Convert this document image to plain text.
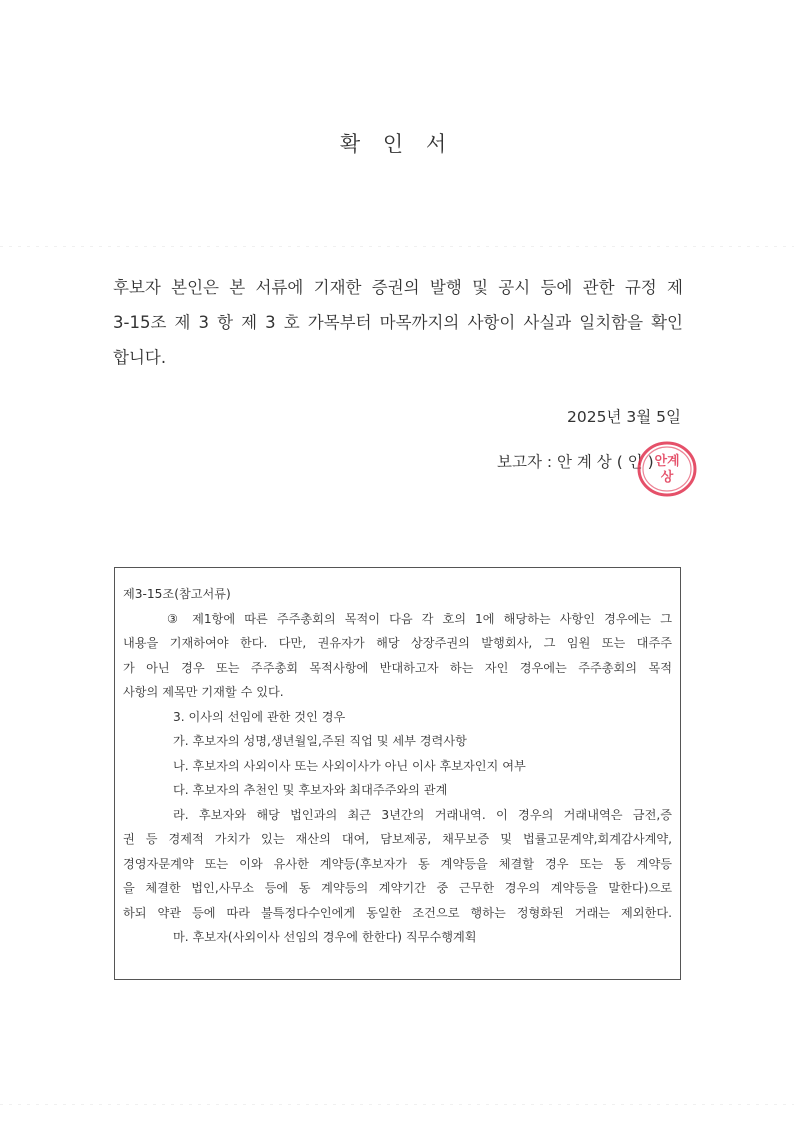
확 인 서
후보자 본인은 본 서류에 기재한 증권의 발행 및 공시 등에 관한 규정 제
3-15조 제 3 항 제 3 호 가목부터 마목까지의 사항이 사실과 일치함을 확인
합니다.
2025년 3월 5일
보고자 : 안 계 상 ( 인 ) 안계
상
제3-15조(참고서류)
③ 제1항에 따른 주주총회의 목적이 다음 각 호의 1에 해당하는 사항인 경우에는 그
내용을 기재하여야 한다. 다만, 권유자가 해당 상장주권의 발행회사, 그 임원 또는 대주주
가 아닌 경우 또는 주주총회 목적사항에 반대하고자 하는 자인 경우에는 주주총회의 목적
사항의 제목만 기재할 수 있다.
3. 이사의 선임에 관한 것인 경우
가. 후보자의 성명,생년월일,주된 직업 및 세부 경력사항
나. 후보자의 사외이사 또는 사외이사가 아닌 이사 후보자인지 여부
다. 후보자의 추천인 및 후보자와 최대주주와의 관계
라. 후보자와 해당 법인과의 최근 3년간의 거래내역. 이 경우의 거래내역은 금전,증
권 등 경제적 가치가 있는 재산의 대여, 담보제공, 채무보증 및 법률고문계약,회계감사계약,
경영자문계약 또는 이와 유사한 계약등(후보자가 동 계약등을 체결할 경우 또는 동 계약등
을 체결한 법인,사무소 등에 동 계약등의 계약기간 중 근무한 경우의 계약등을 말한다)으로
하되 약관 등에 따라 불특정다수인에게 동일한 조건으로 행하는 정형화된 거래는 제외한다.
마. 후보자(사외이사 선임의 경우에 한한다) 직무수행계획
